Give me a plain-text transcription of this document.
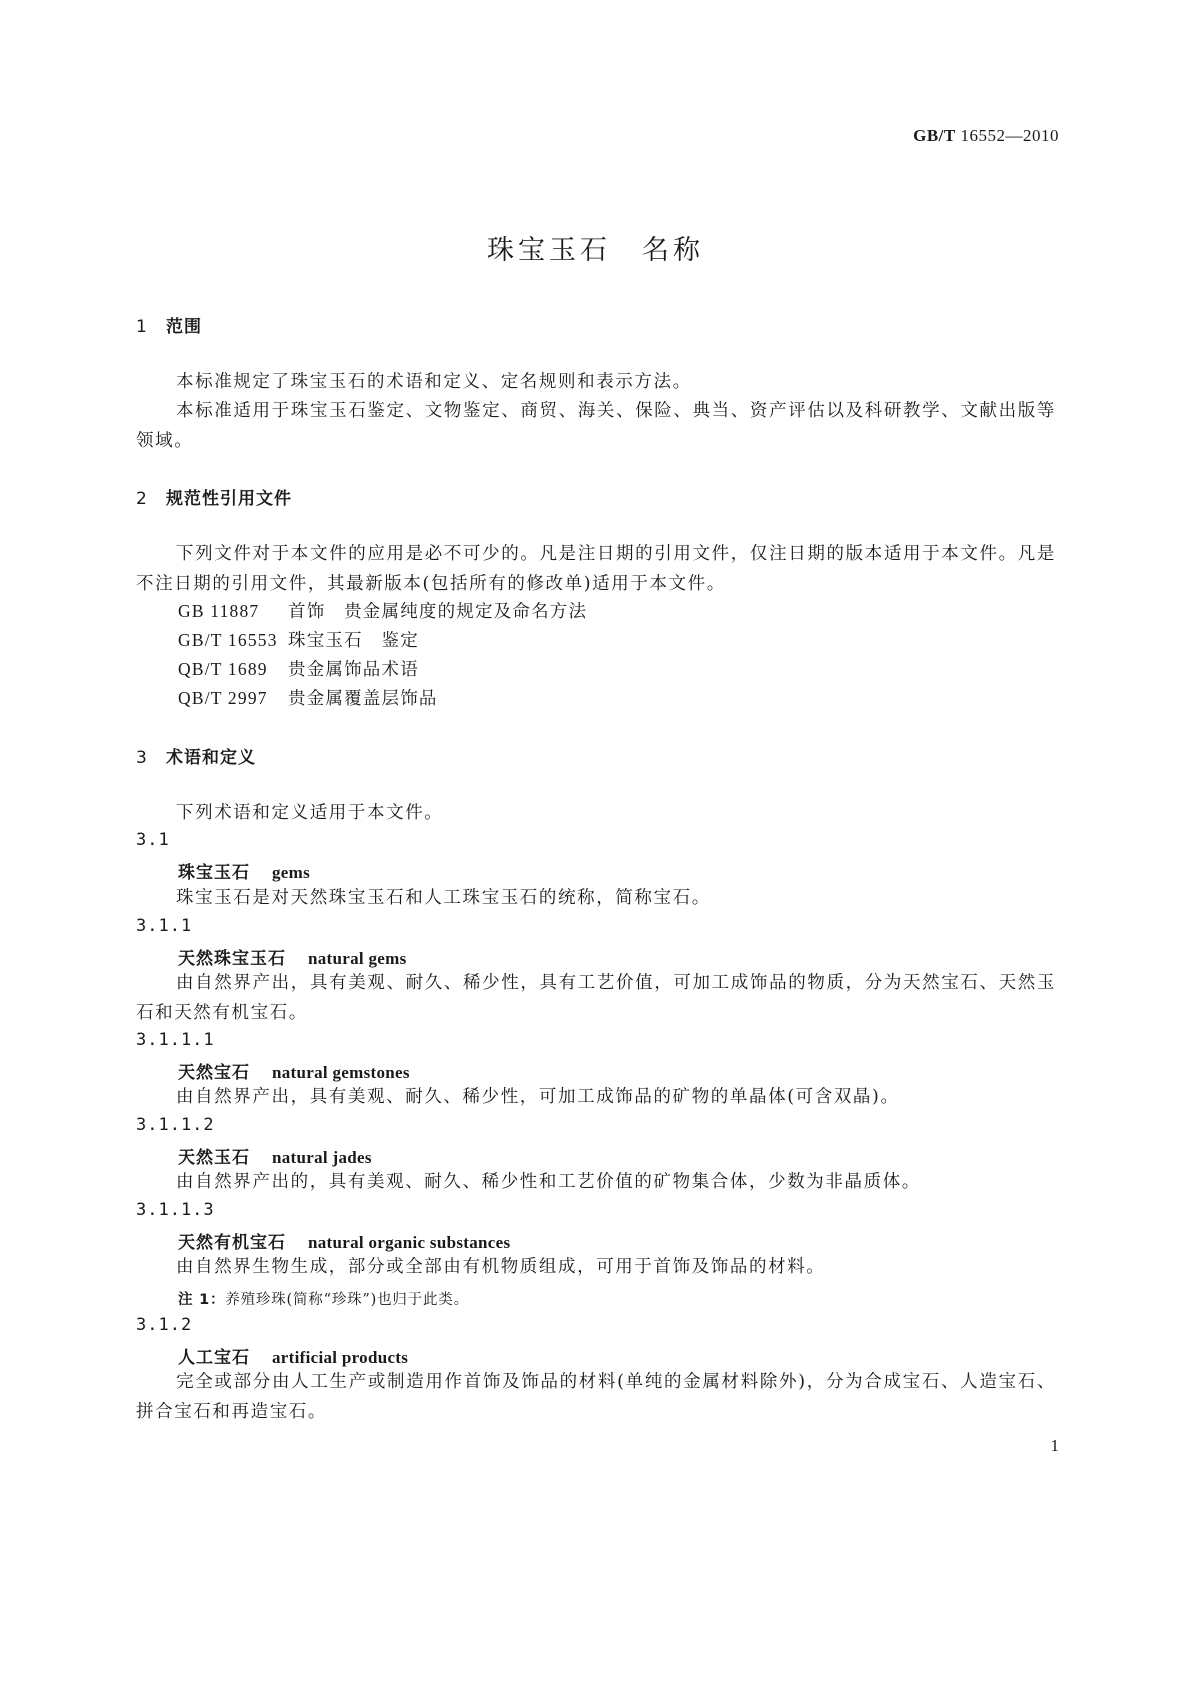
GB/T 16552—2010
珠宝玉石　名称
1 范围
本标准规定了珠宝玉石的术语和定义、定名规则和表示方法。
本标准适用于珠宝玉石鉴定、文物鉴定、商贸、海关、保险、典当、资产评估以及科研教学、文献出版等领域。
2 规范性引用文件
下列文件对于本文件的应用是必不可少的。凡是注日期的引用文件，仅注日期的版本适用于本文件。凡是不注日期的引用文件，其最新版本(包括所有的修改单)适用于本文件。
GB 11887 首饰　贵金属纯度的规定及命名方法
GB/T 16553 珠宝玉石　鉴定
QB/T 1689 贵金属饰品术语
QB/T 2997 贵金属覆盖层饰品
3 术语和定义
下列术语和定义适用于本文件。
3.1
珠宝玉石 gems
珠宝玉石是对天然珠宝玉石和人工珠宝玉石的统称，简称宝石。
3.1.1
天然珠宝玉石 natural gems
由自然界产出，具有美观、耐久、稀少性，具有工艺价值，可加工成饰品的物质，分为天然宝石、天然玉石和天然有机宝石。
3.1.1.1
天然宝石 natural gemstones
由自然界产出，具有美观、耐久、稀少性，可加工成饰品的矿物的单晶体(可含双晶)。
3.1.1.2
天然玉石 natural jades
由自然界产出的，具有美观、耐久、稀少性和工艺价值的矿物集合体，少数为非晶质体。
3.1.1.3
天然有机宝石 natural organic substances
由自然界生物生成，部分或全部由有机物质组成，可用于首饰及饰品的材料。
注 1：养殖珍珠(简称“珍珠”)也归于此类。
3.1.2
人工宝石 artificial products
完全或部分由人工生产或制造用作首饰及饰品的材料(单纯的金属材料除外)，分为合成宝石、人造宝石、拼合宝石和再造宝石。
1
